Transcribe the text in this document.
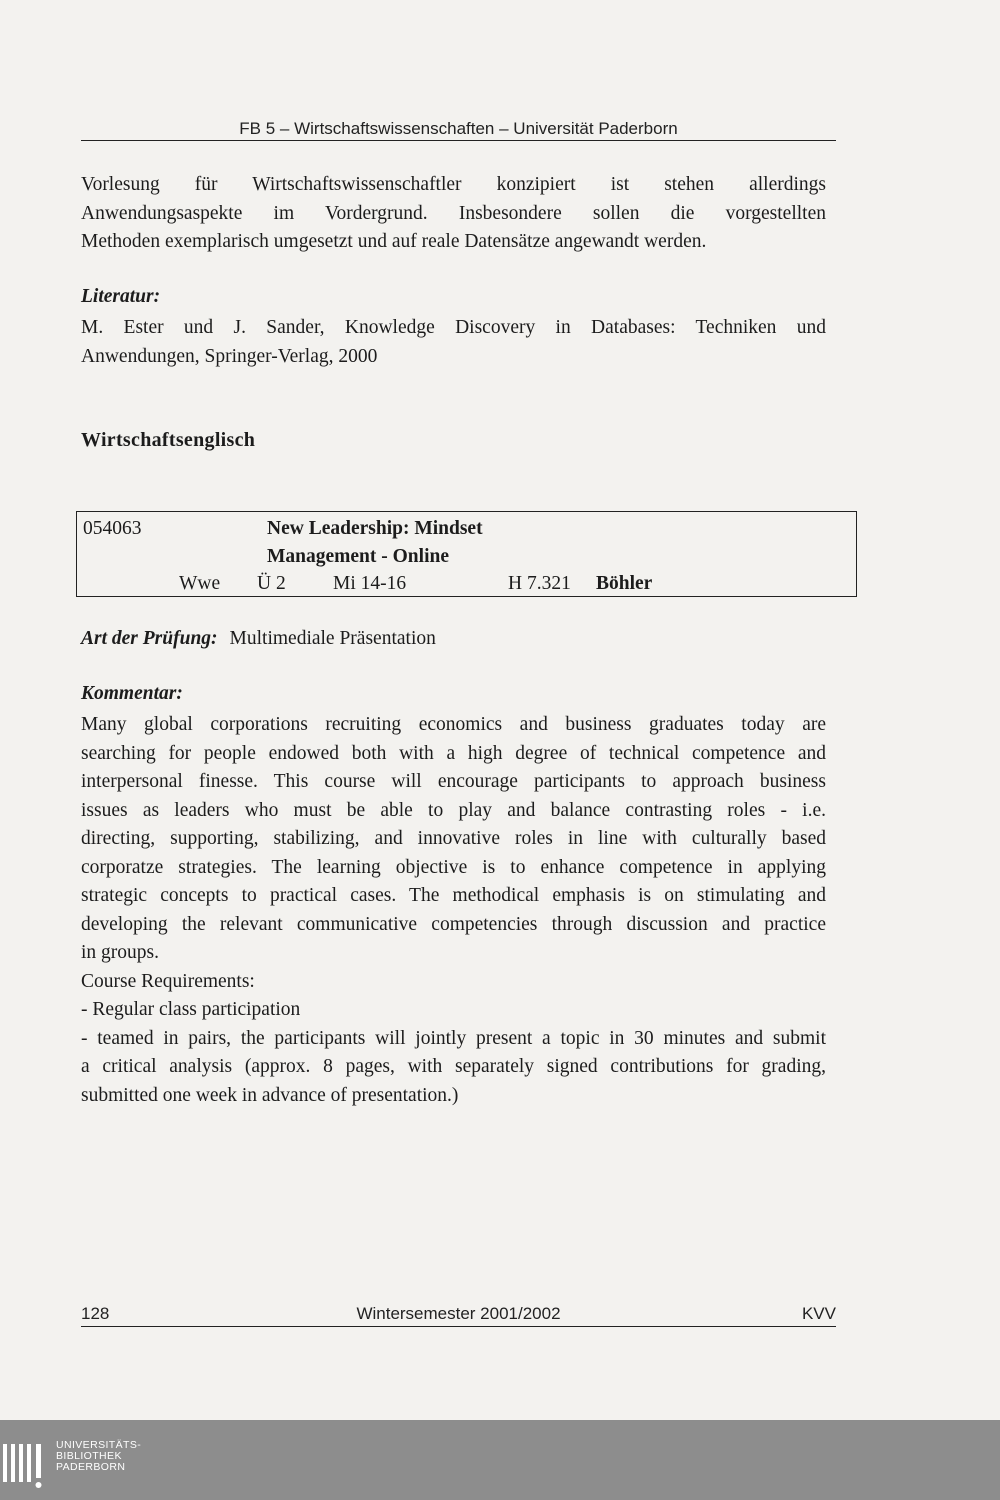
FB 5 – Wirtschaftswissenschaften – Universität Paderborn
Vorlesung für Wirtschaftswissenschaftler konzipiert ist stehen allerdings
Anwendungsaspekte im Vordergrund. Insbesondere sollen die vorgestellten
Methoden exemplarisch umgesetzt und auf reale Datensätze angewandt werden.
Literatur:
M. Ester und J. Sander, Knowledge Discovery in Databases: Techniken und
Anwendungen, Springer-Verlag, 2000
Wirtschaftsenglisch
054063	New Leadership: Mindset
Management - Online
Wwe Ü 2 Mi 14-16	H 7.321 Böhler
Art der Prüfung: Multimediale Präsentation
Kommentar:
Many global corporations recruiting economics and business graduates today are
searching for people endowed both with a high degree of technical competence and
interpersonal finesse. This course will encourage participants to approach business
issues as leaders who must be able to play and balance contrasting roles - i.e.
directing, supporting, stabilizing, and innovative roles in line with culturally based
corporatze strategies. The learning objective is to enhance competence in applying
strategic concepts to practical cases. The methodical emphasis is on stimulating and
developing the relevant communicative competencies through discussion and practice
in groups.
Course Requirements:
- Regular class participation
- teamed in pairs, the participants will jointly present a topic in 30 minutes and submit
a critical analysis (approx. 8 pages, with separately signed contributions for grading,
submitted one week in advance of presentation.)
Wintersemester 2001/2002
128	KVV
UNIVERSITÄTS-
BIBLIOTHEK
PADERBORN
